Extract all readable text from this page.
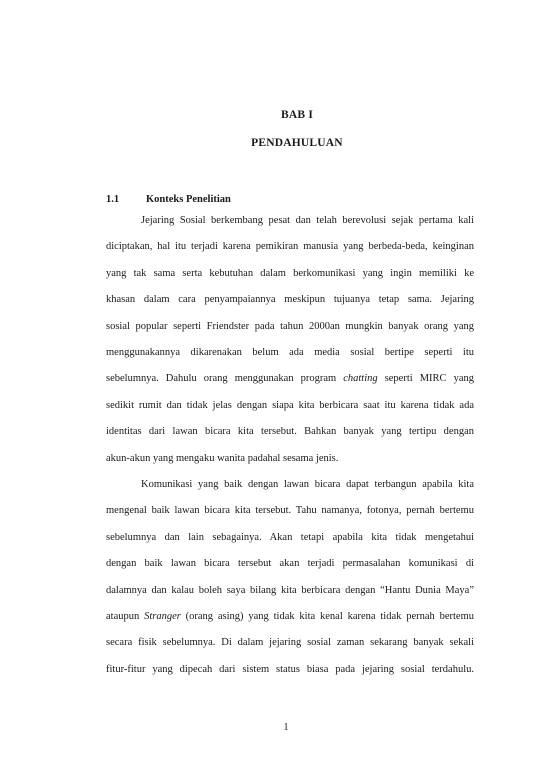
BAB I
PENDAHULUAN
1.1	Konteks Penelitian
Jejaring Sosial berkembang pesat dan telah berevolusi sejak pertama kali
diciptakan, hal itu terjadi karena pemikiran manusia yang berbeda-beda, keinginan
yang tak sama serta kebutuhan dalam berkomunikasi yang ingin memiliki ke
khasan dalam cara penyampaiannya meskipun tujuanya tetap sama. Jejaring
sosial popular seperti Friendster pada tahun 2000an mungkin banyak orang yang
menggunakannya dikarenakan belum ada media sosial bertipe seperti itu
sebelumnya. Dahulu orang menggunakan program chatting seperti MIRC yang
sedikit rumit dan tidak jelas dengan siapa kita berbicara saat itu karena tidak ada
identitas dari lawan bicara kita tersebut. Bahkan banyak yang tertipu dengan
akun-akun yang mengaku wanita padahal sesama jenis.
Komunikasi yang baik dengan lawan bicara dapat terbangun apabila kita
mengenal baik lawan bicara kita tersebut. Tahu namanya, fotonya, pernah bertemu
sebelumnya dan lain sebagainya. Akan tetapi apabila kita tidak mengetahui
dengan baik lawan bicara tersebut akan terjadi permasalahan komunikasi di
dalamnya dan kalau boleh saya bilang kita berbicara dengan “Hantu Dunia Maya”
ataupun Stranger (orang asing) yang tidak kita kenal karena tidak pernah bertemu
secara fisik sebelumnya. Di dalam jejaring sosial zaman sekarang banyak sekali
fitur-fitur yang dipecah dari sistem status biasa pada jejaring sosial terdahulu.
1
